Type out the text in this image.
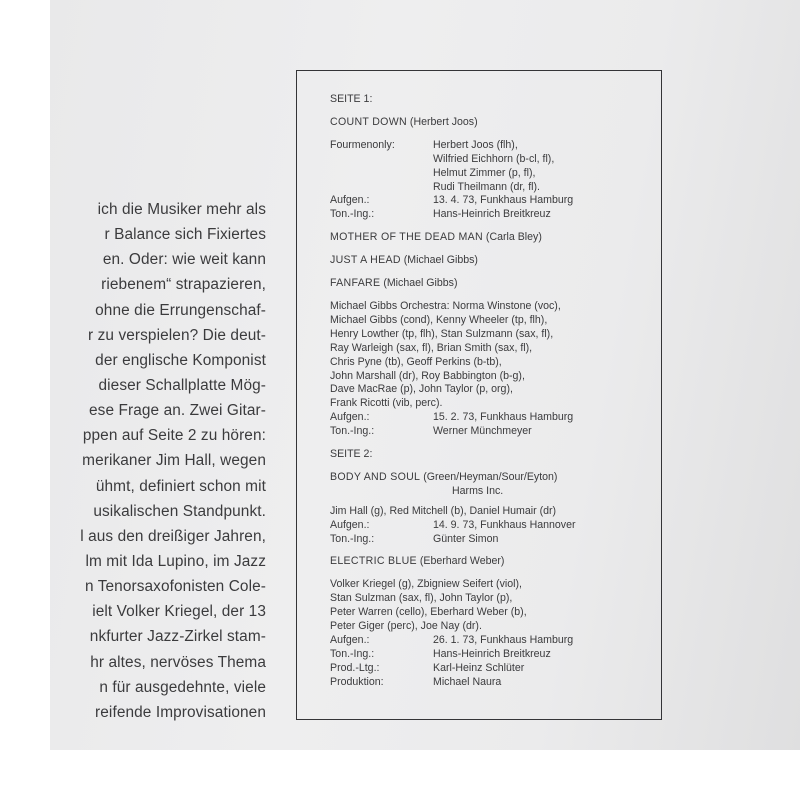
ich die Musiker mehr als
r Balance sich Fixiertes
en. Oder: wie weit kann
riebenem“ strapazieren,
ohne die Errungenschaf-
r zu verspielen? Die deut-
der englische Komponist
dieser Schallplatte Mög-
ese Frage an. Zwei Gitar-
ppen auf Seite 2 zu hören:
merikaner Jim Hall, wegen
ühmt, definiert schon mit
usikalischen Standpunkt.
l aus den dreißiger Jahren,
lm mit Ida Lupino, im Jazz
n Tenorsaxofonisten Cole-
ielt Volker Kriegel, der 13
nkfurter Jazz-Zirkel stam-
hr altes, nervöses Thema
n für ausgedehnte, viele
reifende Improvisationen
SEITE 1:
COUNT DOWN (Herbert Joos)
Fourmenonly:	Herbert Joos (flh),
Wilfried Eichhorn (b-cl, fl),
Helmut Zimmer (p, fl),
Rudi Theilmann (dr, fl).
Aufgen.:	13. 4. 73, Funkhaus Hamburg
Ton.-Ing.:	Hans-Heinrich Breitkreuz
MOTHER OF THE DEAD MAN (Carla Bley)
JUST A HEAD (Michael Gibbs)
FANFARE (Michael Gibbs)
Michael Gibbs Orchestra: Norma Winstone (voc),
Michael Gibbs (cond), Kenny Wheeler (tp, flh),
Henry Lowther (tp, flh), Stan Sulzmann (sax, fl),
Ray Warleigh (sax, fl), Brian Smith (sax, fl),
Chris Pyne (tb), Geoff Perkins (b-tb),
John Marshall (dr), Roy Babbington (b-g),
Dave MacRae (p), John Taylor (p, org),
Frank Ricotti (vib, perc).
Aufgen.:	15. 2. 73, Funkhaus Hamburg
Ton.-Ing.:	Werner Münchmeyer
SEITE 2:
BODY AND SOUL
(Green/Heyman/Sour/Eyton)
Harms Inc.
Jim Hall (g), Red Mitchell (b), Daniel Humair (dr)
Aufgen.:	14. 9. 73, Funkhaus Hannover
Ton.-Ing.:	Günter Simon
ELECTRIC BLUE (Eberhard Weber)
Volker Kriegel (g), Zbigniew Seifert (viol),
Stan Sulzman (sax, fl), John Taylor (p),
Peter Warren (cello), Eberhard Weber (b),
Peter Giger (perc), Joe Nay (dr).
Aufgen.:	26. 1. 73, Funkhaus Hamburg
Ton.-Ing.:	Hans-Heinrich Breitkreuz
Prod.-Ltg.:	Karl-Heinz Schlüter
Produktion:	Michael Naura
